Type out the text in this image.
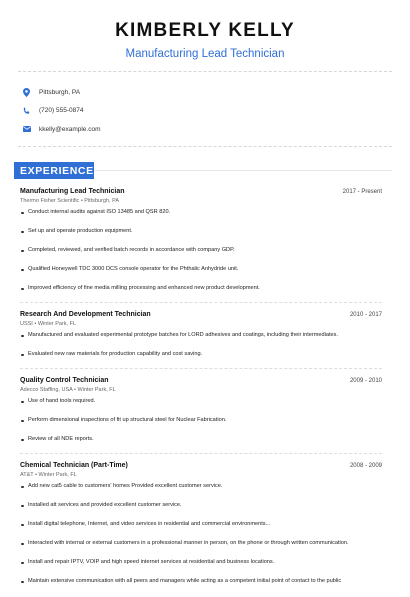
KIMBERLY KELLY
Manufacturing Lead Technician
Pittsburgh, PA
(720) 555-0874
kkelly@example.com
EXPERIENCE
Manufacturing Lead Technician	2017 - Present
Thermo Fisher Scientific • Pittsburgh, PA
Conduct internal audits against ISO 13485 and QSR 820.
Set up and operate production equipment.
Completed, reviewed, and verified batch records in accordance with company GDP.
Qualified Honeywell TDC 3000 DCS console operator for the Phthalic Anhydride unit.
Improved efficiency of fine media milling processing and enhanced new product development.
Research And Development Technician	2010 - 2017
USSI • Winter Park, FL
Manufactured and evaluated experimental prototype batches for LORD adhesives and coatings, including their intermediates.
Evaluated new raw materials for production capability and cost saving.
Quality Control Technician	2009 - 2010
Adecco Staffing, USA • Winter Park, FL
Use of hand tools required.
Perform dimensional inspections of fit up structural steel for Nuclear Fabrication.
Review of all NDE reports.
Chemical Technician (Part-Time)	2008 - 2009
AT&T • Winter Park, FL
Add new cat5 cable to customers' homes Provided excellent customer service.
Installed att services and provided excellent customer service.
Install digital telephone, Internet, and video services in residential and commercial environments...
Interacted with internal or external customers in a professional manner in person, on the phone or through written communication.
Install and repair IPTV, VOIP and high speed internet services at residential and business locations.
Maintain extensive communication with all peers and managers while acting as a competent initial point of contact to the public
